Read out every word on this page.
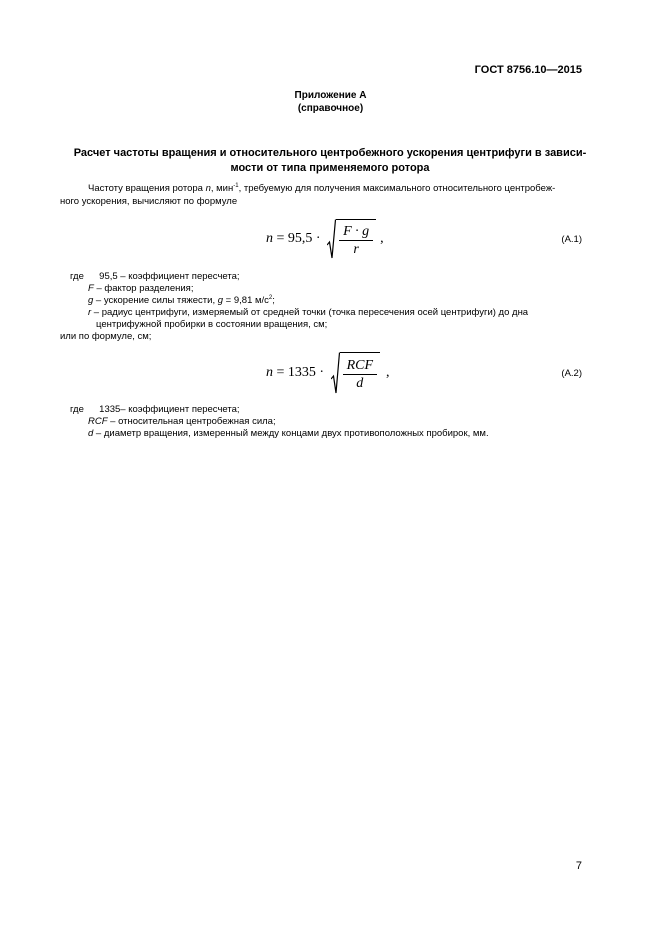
ГОСТ 8756.10—2015
Приложение А
(справочное)
Расчет частоты вращения и относительного центробежного ускорения центрифуги в зависи-
мости от типа применяемого ротора
Частоту вращения ротора n, мин$^{-1}$, требуемую для получения максимального относительного центробеж-
ного ускорения, вычисляют по формуле
$n = 95,5 \cdot \frac{F \cdot g}{r}$ ,	(А.1)
где 95,5 – коэффициент пересчета;
F – фактор разделения;
g – ускорение силы тяжести, g = 9,81 $м/с^2$;
r – радиус центрифуги, измеряемый от средней точки (точка пересечения осей центрифуги) до дна
центрифужной пробирки в состоянии вращения, см;
или по формуле, см;
$n = 1335 \cdot \frac{\text{RCF}}{d}$ ,	(А.2)
где 1335– коэффициент пересчета;
RCF – относительная центробежная сила;
d – диаметр вращения, измеренный между концами двух противоположных пробирок, мм.
7
